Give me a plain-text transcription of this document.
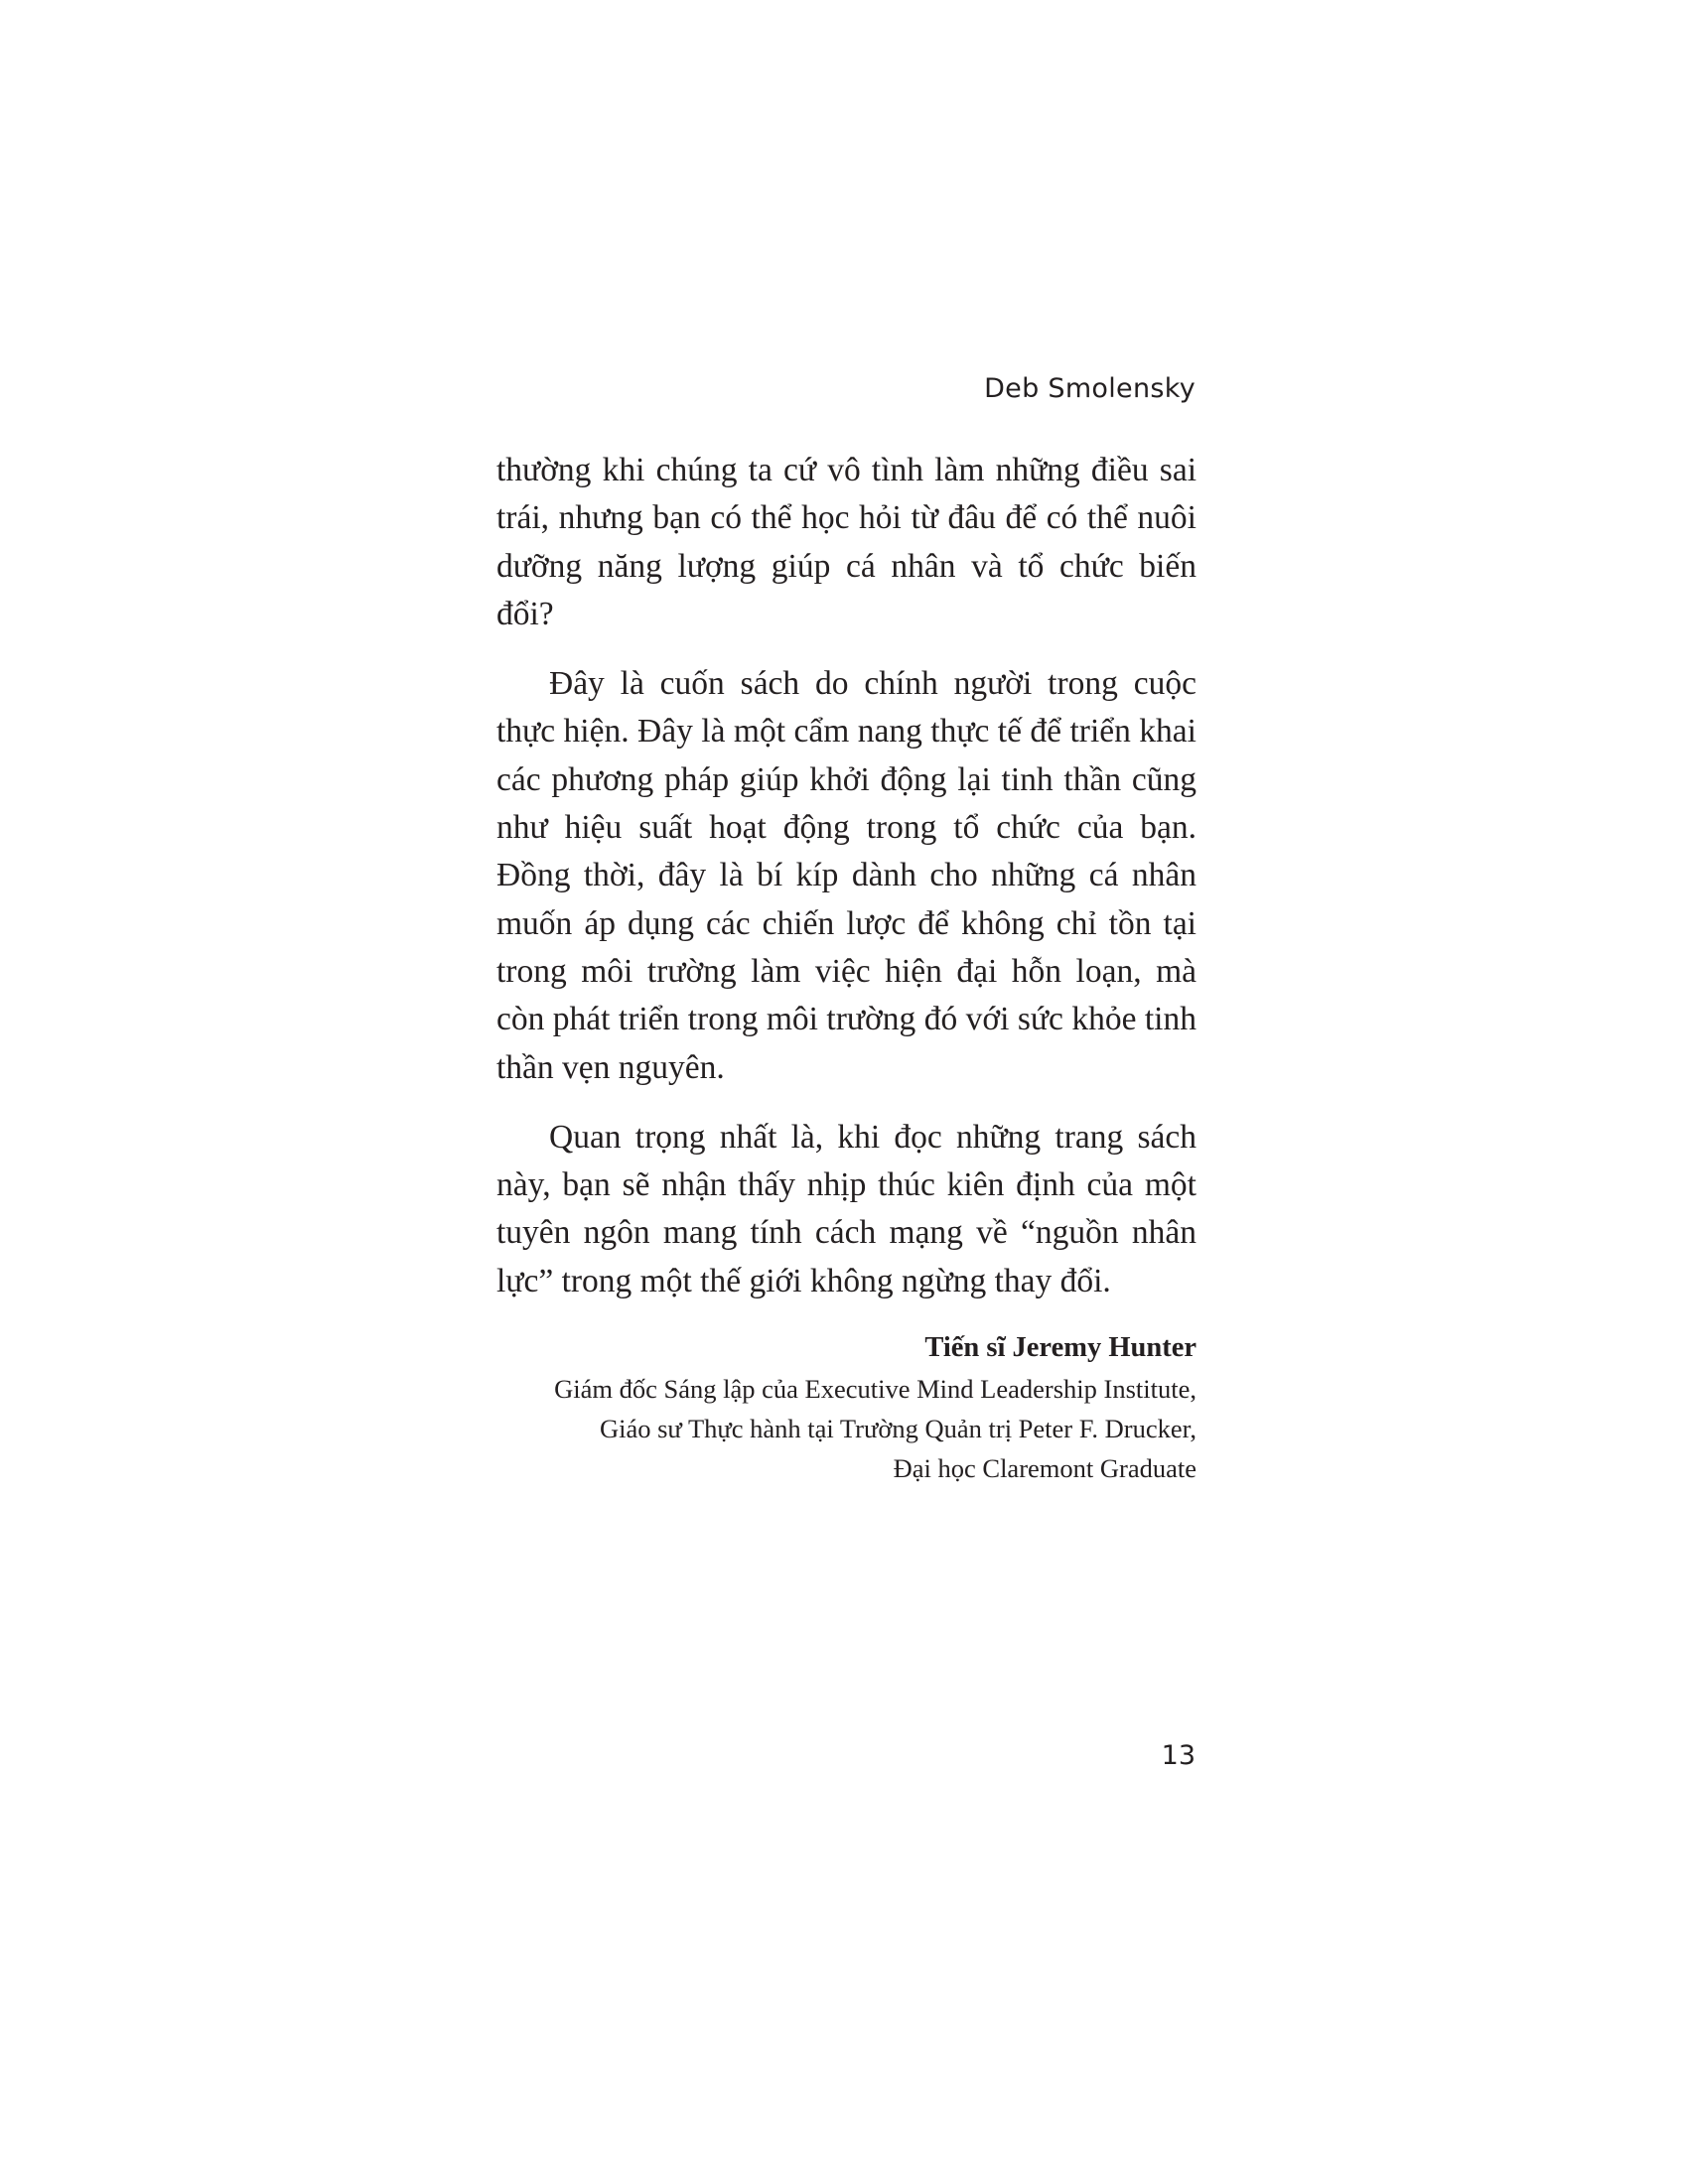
Deb Smolensky

thường khi chúng ta cứ vô tình làm những điều sai trái, nhưng bạn có thể học hỏi từ đâu để có thể nuôi dưỡng năng lượng giúp cá nhân và tổ chức biến đổi?

Đây là cuốn sách do chính người trong cuộc thực hiện. Đây là một cẩm nang thực tế để triển khai các phương pháp giúp khởi động lại tinh thần cũng như hiệu suất hoạt động trong tổ chức của bạn. Đồng thời, đây là bí kíp dành cho những cá nhân muốn áp dụng các chiến lược để không chỉ tồn tại trong môi trường làm việc hiện đại hỗn loạn, mà còn phát triển trong môi trường đó với sức khỏe tinh thần vẹn nguyên.

Quan trọng nhất là, khi đọc những trang sách này, bạn sẽ nhận thấy nhịp thúc kiên định của một tuyên ngôn mang tính cách mạng về “nguồn nhân lực” trong một thế giới không ngừng thay đổi.

Tiến sĩ Jeremy Hunter

Giám đốc Sáng lập của Executive Mind Leadership Institute,

Giáo sư Thực hành tại Trường Quản trị Peter F. Drucker,

Đại học Claremont Graduate

13
